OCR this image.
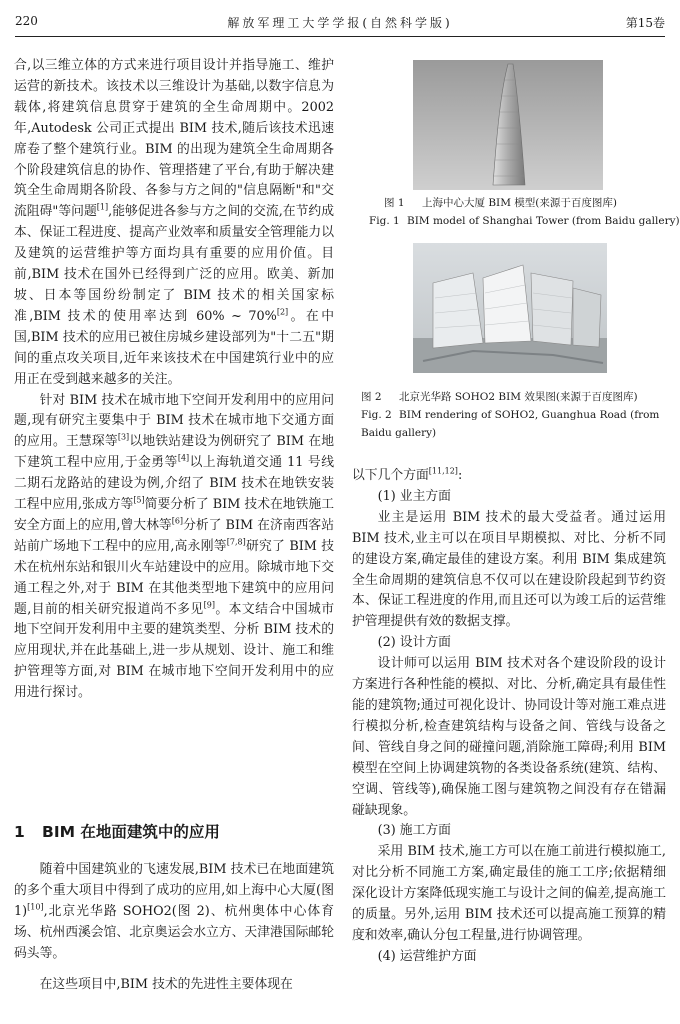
220	解放军理工大学学报(自然科学版)	第15卷

合,以三维立体的方式来进行项目设计并指导施工、维护运营的新技术。该技术以三维设计为基础,以数字信息为载体,将建筑信息贯穿于建筑的全生命周期中。2002 年,Autodesk 公司正式提出 BIM 技术,随后该技术迅速席卷了整个建筑行业。BIM 的出现为建筑全生命周期各个阶段建筑信息的协作、管理搭建了平台,有助于解决建筑全生命周期各阶段、各参与方之间的"信息隔断"和"交流阻碍"等问题[1],能够促进各参与方之间的交流,在节约成本、保证工程进度、提高产业效率和质量安全管理能力以及建筑的运营维护等方面均具有重要的应用价值。目前,BIM 技术在国外已经得到广泛的应用。欧美、新加坡、日本等国纷纷制定了 BIM 技术的相关国家标准,BIM 技术的使用率达到 60% ~ 70%[2]。在中国,BIM 技术的应用已被住房城乡建设部列为"十二五"期间的重点攻关项目,近年来该技术在中国建筑行业中的应用正在受到越来越多的关注。

针对 BIM 技术在城市地下空间开发利用中的应用问题,现有研究主要集中于 BIM 技术在城市地下交通方面的应用。王慧琛等[3]以地铁站建设为例研究了 BIM 在地下建筑工程中应用,于金勇等[4]以上海轨道交通 11 号线二期石龙路站的建设为例,介绍了 BIM 技术在地铁安装工程中应用,张成方等[5]简要分析了 BIM 技术在地铁施工安全方面上的应用,曾大林等[6]分析了 BIM 在济南西客站站前广场地下工程中的应用,高永刚等[7,8]研究了 BIM 技术在杭州东站和银川火车站建设中的应用。除城市地下交通工程之外,对于 BIM 在其他类型地下建筑中的应用问题,目前的相关研究报道尚不多见[9]。本文结合中国城市地下空间开发利用中主要的建筑类型、分析 BIM 技术的应用现状,并在此基础上,进一步从规划、设计、施工和维护管理等方面,对 BIM 在城市地下空间开发利用中的应用进行探讨。

1 BIM 在地面建筑中的应用

随着中国建筑业的飞速发展,BIM 技术已在地面建筑的多个重大项目中得到了成功的应用,如上海中心大厦(图 1)[10],北京光华路 SOHO2(图 2)、杭州奥体中心体育场、杭州西溪会馆、北京奥运会水立方、天津港国际邮轮码头等。

在这些项目中,BIM 技术的先进性主要体现在

图 1 上海中心大厦 BIM 模型(来源于百度图库)
Fig. 1 BIM model of Shanghai Tower (from Baidu gallery)
图 2 北京光华路 SOHO2 BIM 效果图(来源于百度图库)
Fig. 2 BIM rendering of SOHO2, Guanghua Road (from Baidu gallery)

以下几个方面[11,12]:

(1) 业主方面

业主是运用 BIM 技术的最大受益者。通过运用 BIM 技术,业主可以在项目早期模拟、对比、分析不同的建设方案,确定最佳的建设方案。利用 BIM 集成建筑全生命周期的建筑信息不仅可以在建设阶段起到节约资本、保证工程进度的作用,而且还可以为竣工后的运营维护管理提供有效的数据支撑。

(2) 设计方面

设计师可以运用 BIM 技术对各个建设阶段的设计方案进行各种性能的模拟、对比、分析,确定具有最佳性能的建筑物;通过可视化设计、协同设计等对施工难点进行模拟分析,检查建筑结构与设备之间、管线与设备之间、管线自身之间的碰撞问题,消除施工障碍;利用 BIM 模型在空间上协调建筑物的各类设备系统(建筑、结构、空调、管线等),确保施工图与建筑物之间没有存在错漏碰缺现象。

(3) 施工方面

采用 BIM 技术,施工方可以在施工前进行模拟施工,对比分析不同施工方案,确定最佳的施工工序;依据精细深化设计方案降低现实施工与设计之间的偏差,提高施工的质量。另外,运用 BIM 技术还可以提高施工预算的精度和效率,确认分包工程量,进行协调管理。

(4) 运营维护方面
